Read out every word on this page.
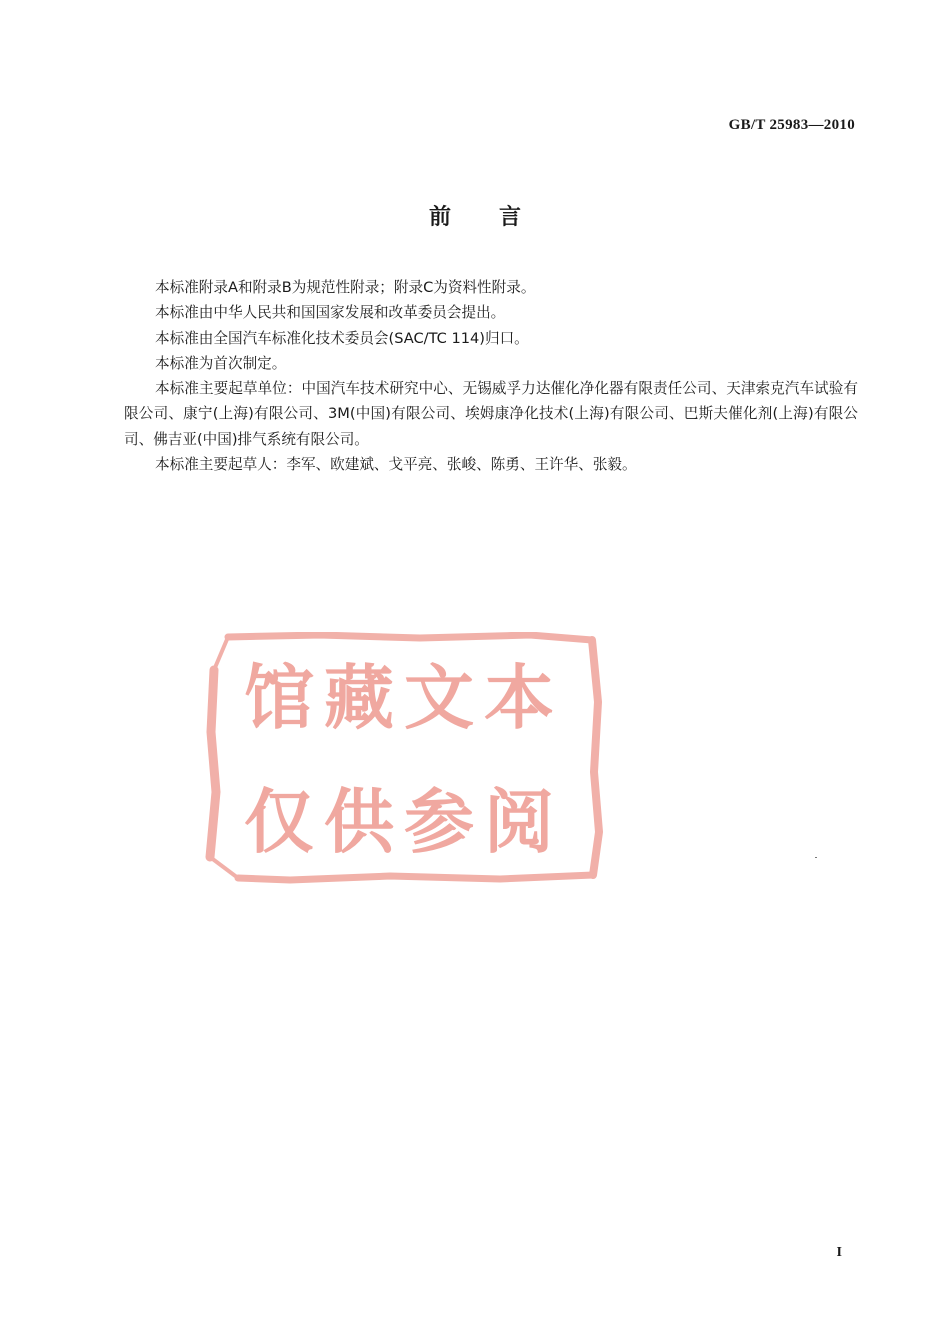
GB/T 25983—2010
前言

本标准附录A和附录B为规范性附录；附录C为资料性附录。

本标准由中华人民共和国国家发展和改革委员会提出。

本标准由全国汽车标准化技术委员会(SAC/TC 114)归口。

本标准为首次制定。

本标准主要起草单位：中国汽车技术研究中心、无锡威孚力达催化净化器有限责任公司、天津索克汽车试验有限公司、康宁(上海)有限公司、3M(中国)有限公司、埃姆康净化技术(上海)有限公司、巴斯夫催化剂(上海)有限公司、佛吉亚(中国)排气系统有限公司。

本标准主要起草人：李军、欧建斌、戈平亮、张峻、陈勇、王许华、张毅。

馆藏文本
仅供参阅
I
